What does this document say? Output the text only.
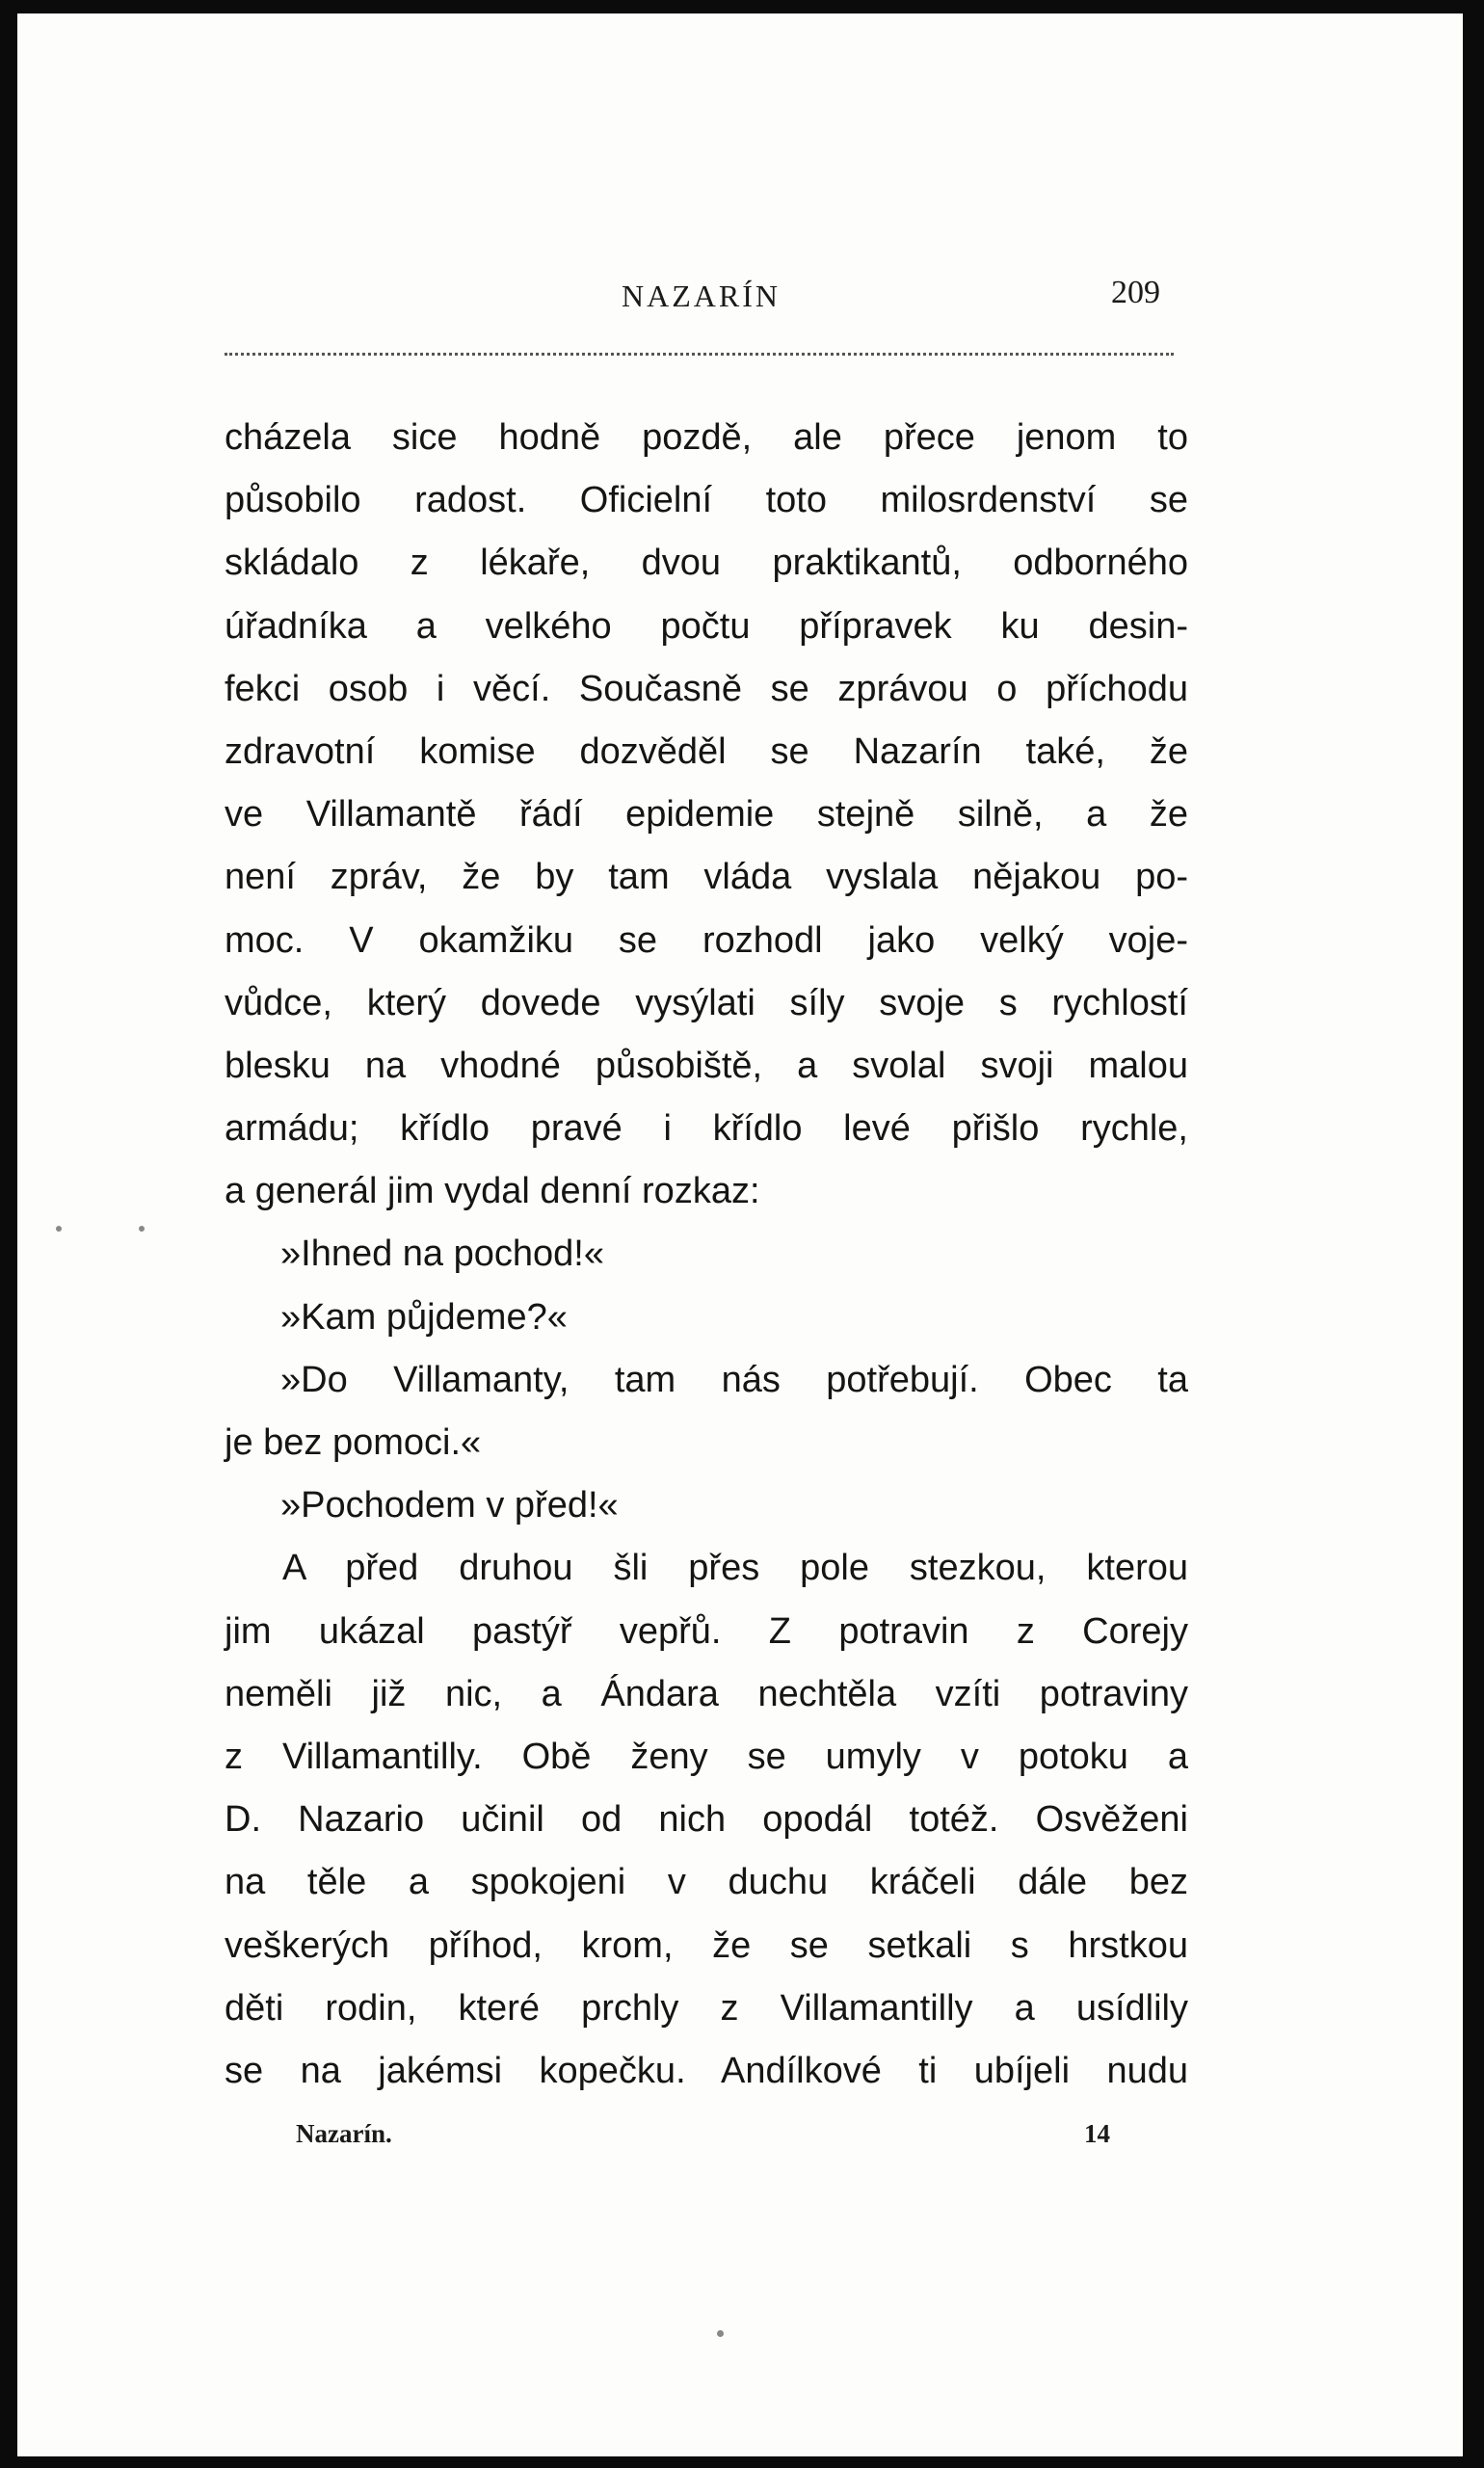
NAZARÍN	209
cházela sice hodně pozdě, ale přece jenom to
působilo radost. Oficielní toto milosrdenství se
skládalo z lékaře, dvou praktikantů, odborného
úřadníka a velkého počtu přípravek ku desin-
fekci osob i věcí. Současně se zprávou o příchodu
zdravotní komise dozvěděl se Nazarín také, že
ve Villamantě řádí epidemie stejně silně, a že
není zpráv, že by tam vláda vyslala nějakou po-
moc. V okamžiku se rozhodl jako velký voje-
vůdce, který dovede vysýlati síly svoje s rychlostí
blesku na vhodné působiště, a svolal svoji malou
armádu; křídlo pravé i křídlo levé přišlo rychle,
a generál jim vydal denní rozkaz:
»Ihned na pochod!«
»Kam půjdeme?«
»Do Villamanty, tam nás potřebují. Obec ta
je bez pomoci.«
»Pochodem v před!«
A před druhou šli přes pole stezkou, kterou
jim ukázal pastýř vepřů. Z potravin z Corejy
neměli již nic, a Ándara nechtěla vzíti potraviny
z Villamantilly. Obě ženy se umyly v potoku a
D. Nazario učinil od nich opodál totéž. Osvěženi
na těle a spokojeni v duchu kráčeli dále bez
veškerých příhod, krom, že se setkali s hrstkou
děti rodin, které prchly z Villamantilly a usídlily
se na jakémsi kopečku. Andílkové ti ubíjeli nudu
Nazarín.	14
